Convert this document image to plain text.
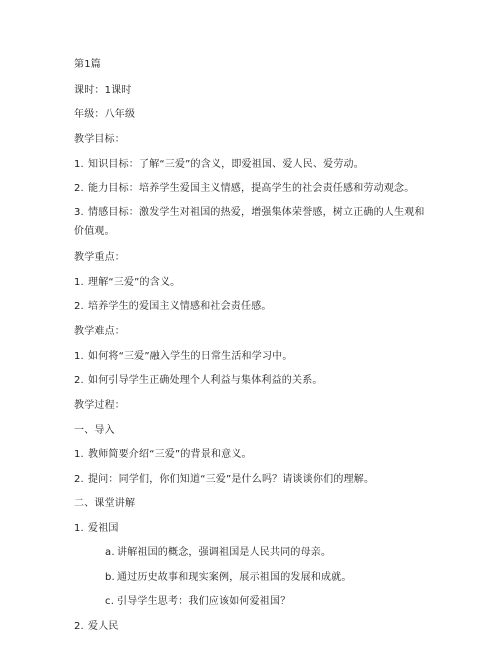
第1篇
课时：1课时
年级：八年级
教学目标：
1. 知识目标：了解“三爱”的含义，即爱祖国、爱人民、爱劳动。
2. 能力目标：培养学生爱国主义情感，提高学生的社会责任感和劳动观念。
3. 情感目标：激发学生对祖国的热爱，增强集体荣誉感，树立正确的人生观和价值观。
教学重点：
1. 理解“三爱”的含义。
2. 培养学生的爱国主义情感和社会责任感。
教学难点：
1. 如何将“三爱”融入学生的日常生活和学习中。
2. 如何引导学生正确处理个人利益与集体利益的关系。
教学过程：
一、导入
1. 教师简要介绍“三爱”的背景和意义。
2. 提问：同学们，你们知道“三爱”是什么吗？请谈谈你们的理解。
二、课堂讲解
1. 爱祖国
a. 讲解祖国的概念，强调祖国是人民共同的母亲。
b. 通过历史故事和现实案例，展示祖国的发展和成就。
c. 引导学生思考：我们应该如何爱祖国？
2. 爱人民
